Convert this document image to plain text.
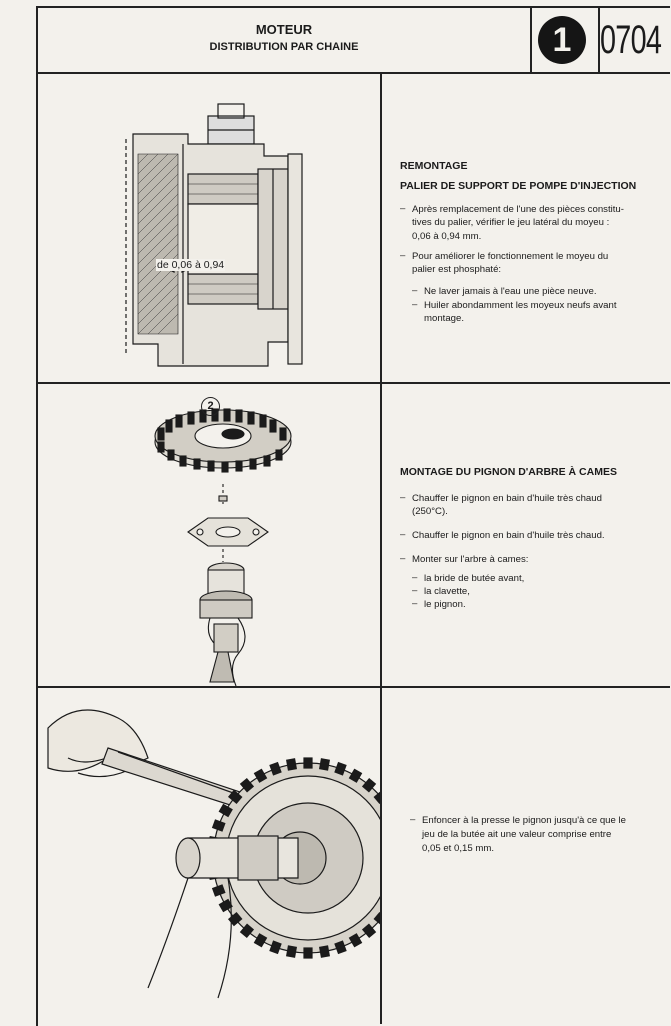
MOTEUR
DISTRIBUTION PAR CHAINE	1 0704
de 0,06 à 0,94
REMONTAGE
PALIER DE SUPPORT DE POMPE D'INJECTION
– Après remplacement de l'une des pièces constitu-
tives du palier, vérifier le jeu latéral du moyeu :
0,06 à 0,94 mm.
– Pour améliorer le fonctionnement le moyeu du
palier est phosphaté:
– Ne laver jamais à l'eau une pièce neuve.
– Huiler abondamment les moyeux neufs avant
montage.
2
MONTAGE DU PIGNON D'ARBRE À CAMES
– Chauffer le pignon en bain d'huile très chaud
(250°C).
– Chauffer le pignon en bain d'huile très chaud.
– Monter sur l'arbre à cames:
– la bride de butée avant,
– la clavette,
– le pignon.
– Enfoncer à la presse le pignon jusqu'à ce que le
jeu de la butée ait une valeur comprise entre
0,05 et 0,15 mm.
